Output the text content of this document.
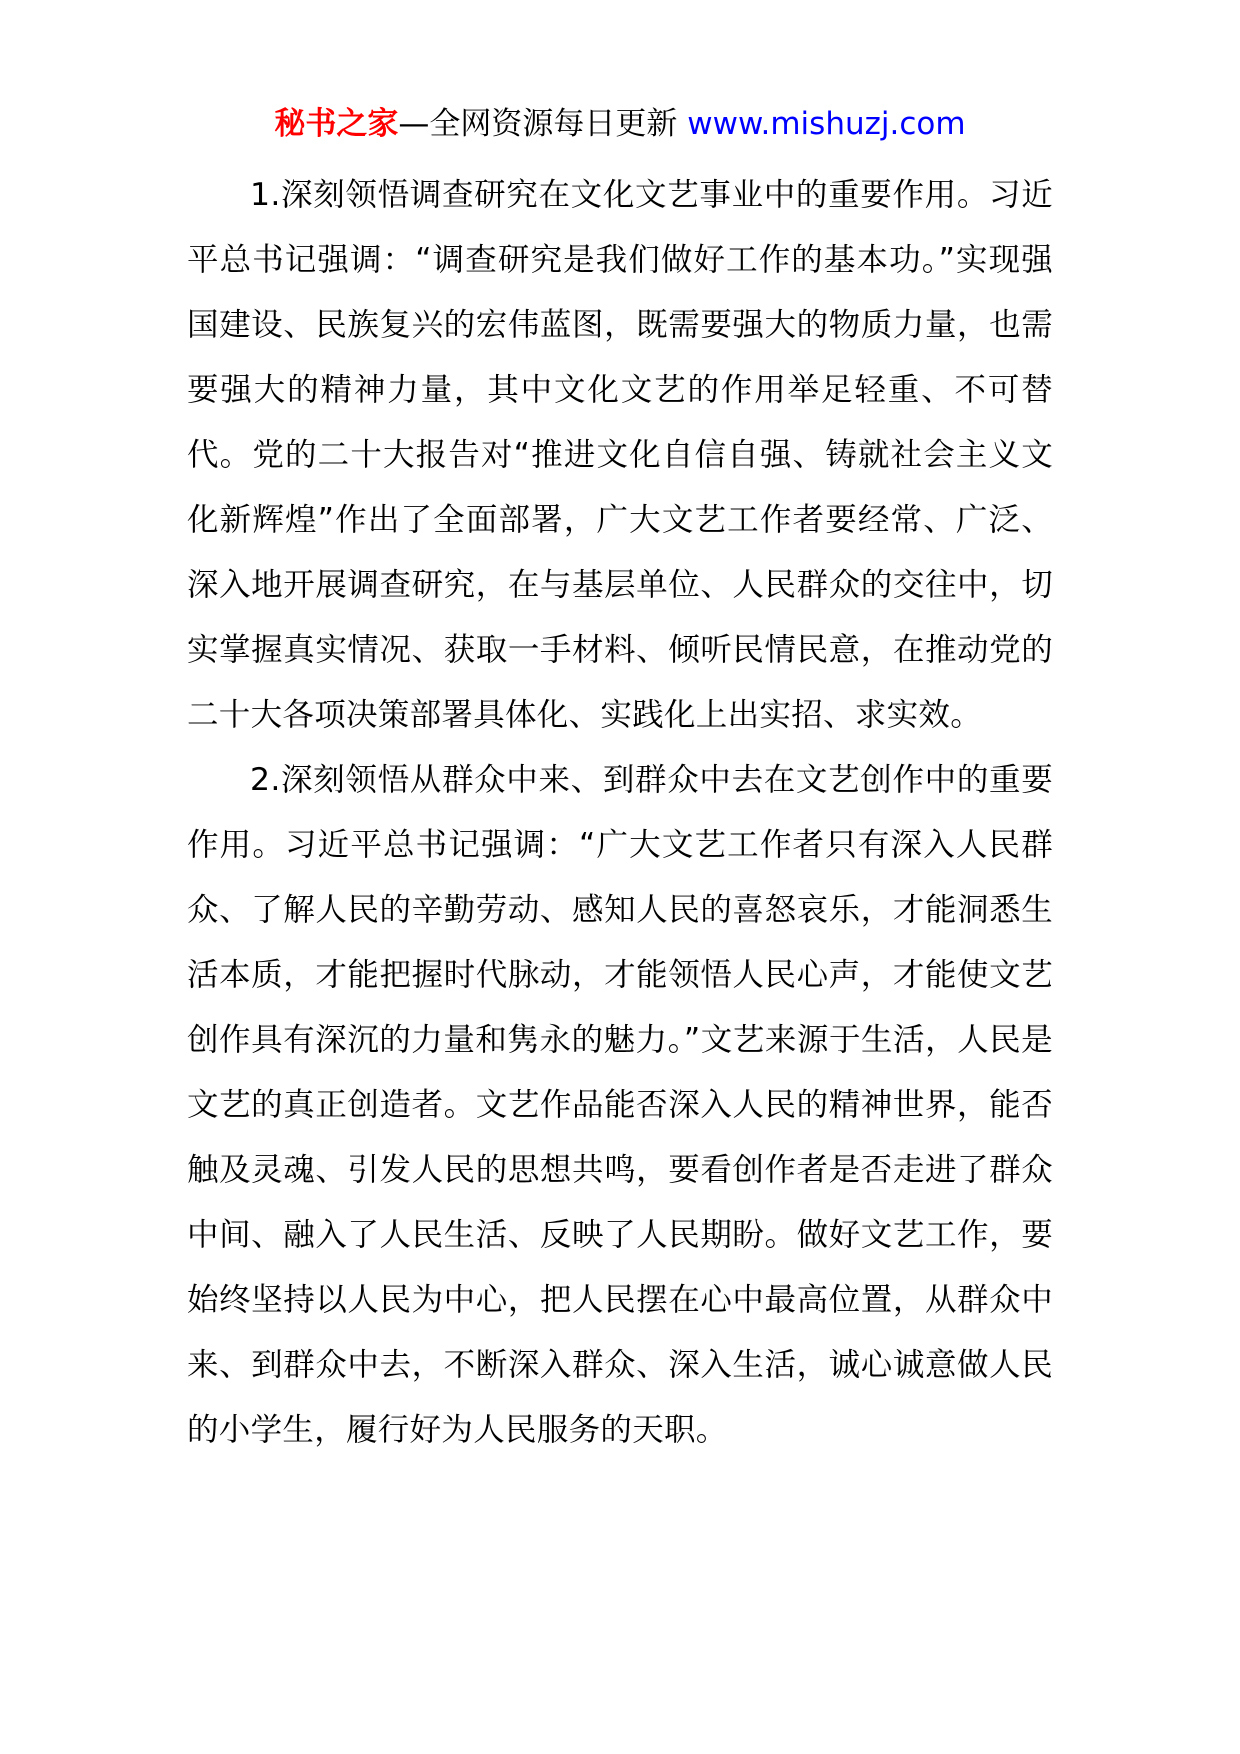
秘书之家—全网资源每日更新 www.mishuzj.com

1.深刻领悟调查研究在文化文艺事业中的重要作用。习近平总书记强调：“调查研究是我们做好工作的基本功。”实现强国建设、民族复兴的宏伟蓝图，既需要强大的物质力量，也需要强大的精神力量，其中文化文艺的作用举足轻重、不可替代。党的二十大报告对“推进文化自信自强、铸就社会主义文化新辉煌”作出了全面部署，广大文艺工作者要经常、广泛、深入地开展调查研究，在与基层单位、人民群众的交往中，切实掌握真实情况、获取一手材料、倾听民情民意，在推动党的二十大各项决策部署具体化、实践化上出实招、求实效。

2.深刻领悟从群众中来、到群众中去在文艺创作中的重要作用。习近平总书记强调：“广大文艺工作者只有深入人民群众、了解人民的辛勤劳动、感知人民的喜怒哀乐，才能洞悉生活本质，才能把握时代脉动，才能领悟人民心声，才能使文艺创作具有深沉的力量和隽永的魅力。”文艺来源于生活，人民是文艺的真正创造者。文艺作品能否深入人民的精神世界，能否触及灵魂、引发人民的思想共鸣，要看创作者是否走进了群众中间、融入了人民生活、反映了人民期盼。做好文艺工作，要始终坚持以人民为中心，把人民摆在心中最高位置，从群众中来、到群众中去，不断深入群众、深入生活，诚心诚意做人民的小学生，履行好为人民服务的天职。
